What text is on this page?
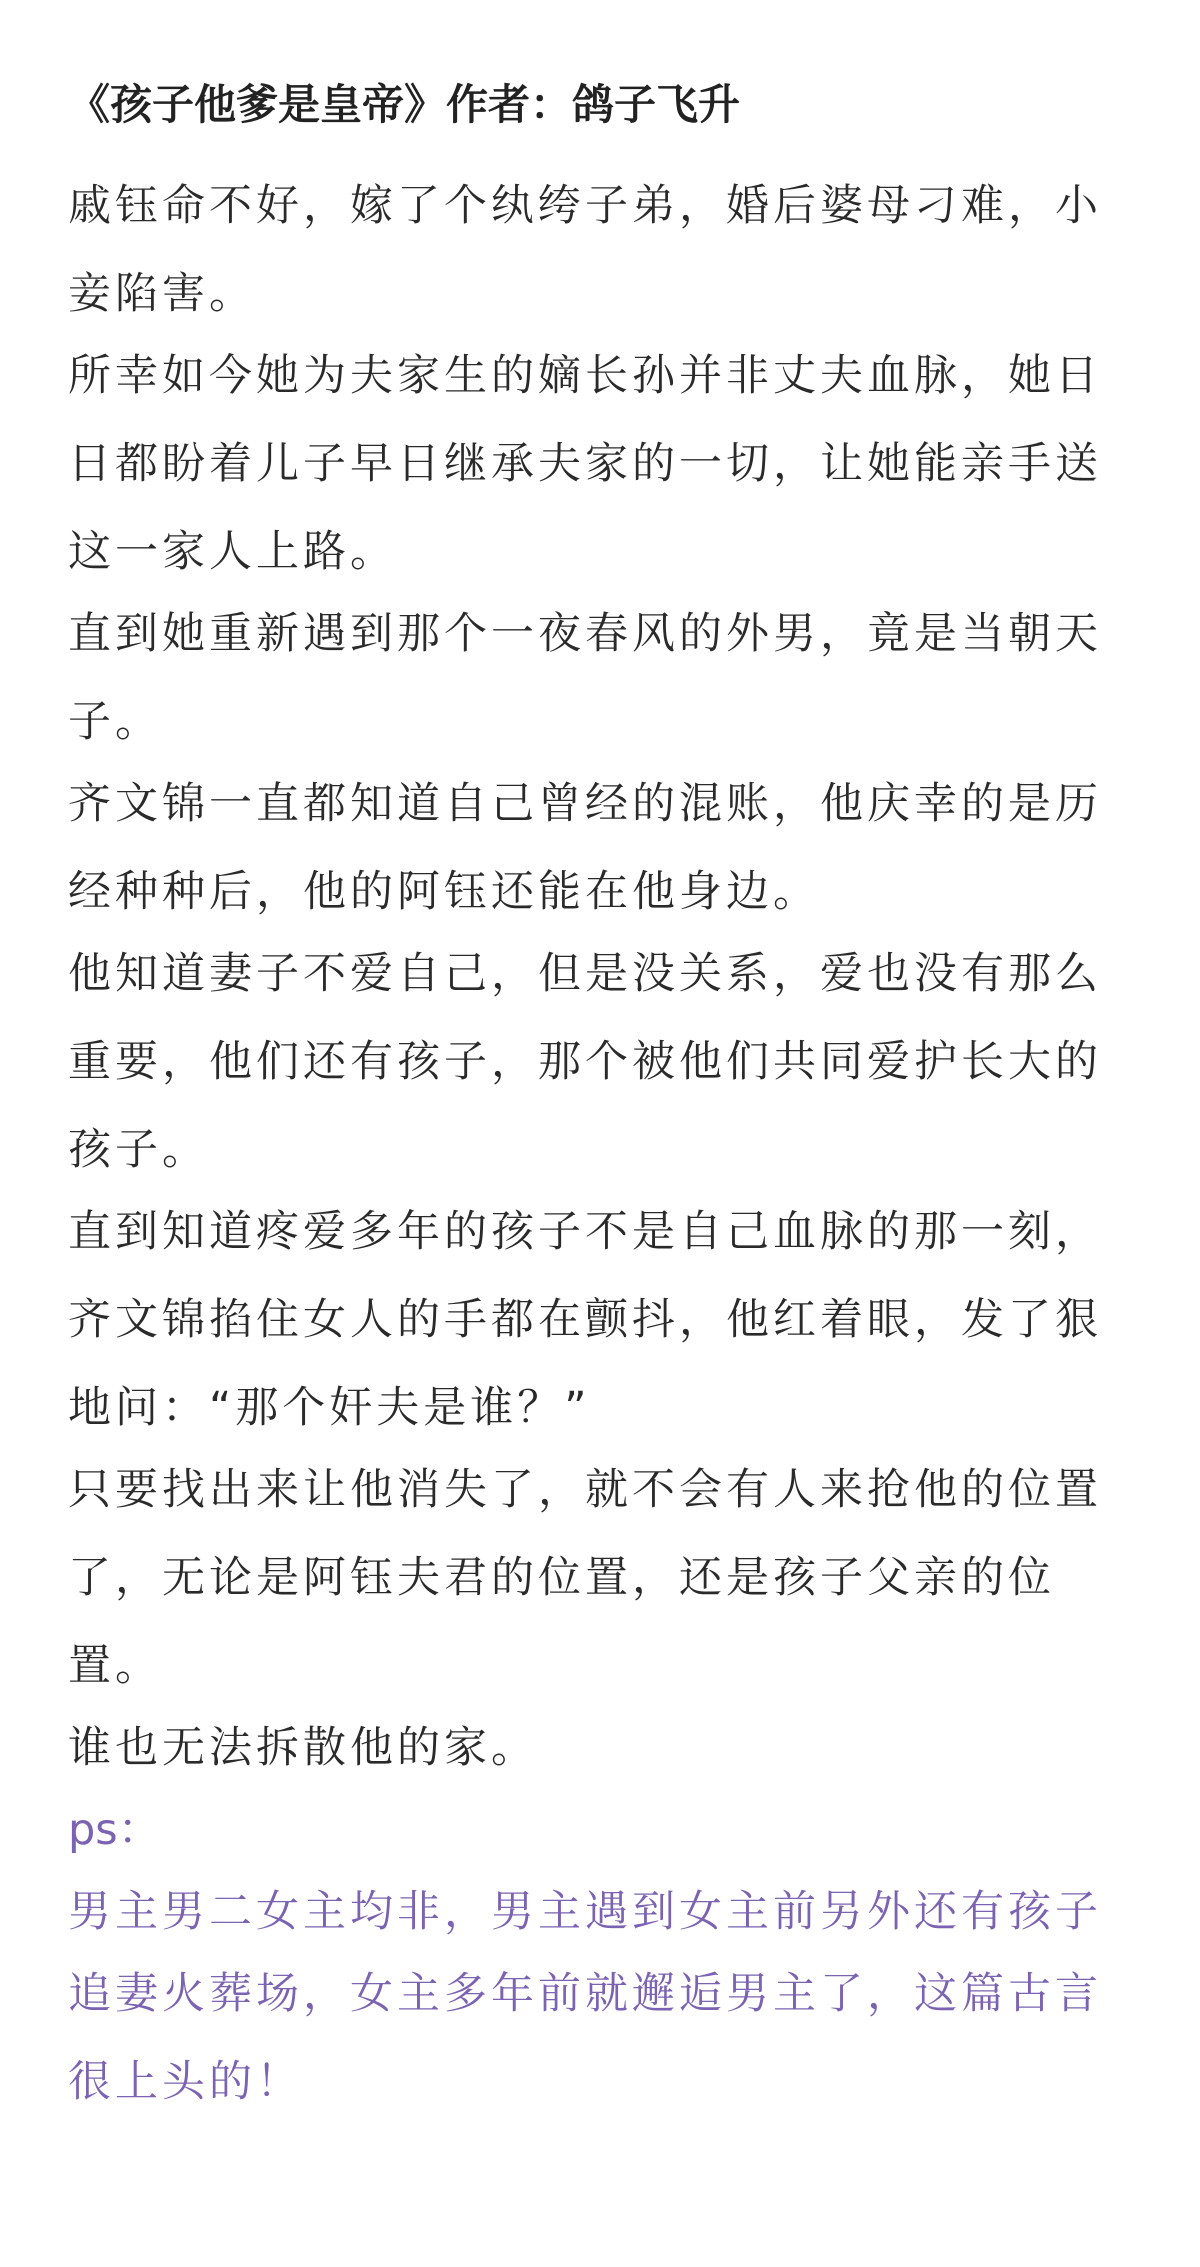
《孩子他爹是皇帝》作者：鸽子飞升

戚钰命不好，嫁了个纨绔子弟，婚后婆母刁难，小妾陷害。

所幸如今她为夫家生的嫡长孙并非丈夫血脉，她日日都盼着儿子早日继承夫家的一切，让她能亲手送这一家人上路。

直到她重新遇到那个一夜春风的外男，竟是当朝天子。

齐文锦一直都知道自己曾经的混账，他庆幸的是历经种种后，他的阿钰还能在他身边。

他知道妻子不爱自己，但是没关系，爱也没有那么重要，他们还有孩子，那个被他们共同爱护长大的孩子。

直到知道疼爱多年的孩子不是自己血脉的那一刻，齐文锦掐住女人的手都在颤抖，他红着眼，发了狠地问：“那个奸夫是谁？”

只要找出来让他消失了，就不会有人来抢他的位置了，无论是阿钰夫君的位置，还是孩子父亲的位置。

谁也无法拆散他的家。

ps：

男主男二女主均非，男主遇到女主前另外还有孩子

追妻火葬场，女主多年前就邂逅男主了，这篇古言很上头的！
